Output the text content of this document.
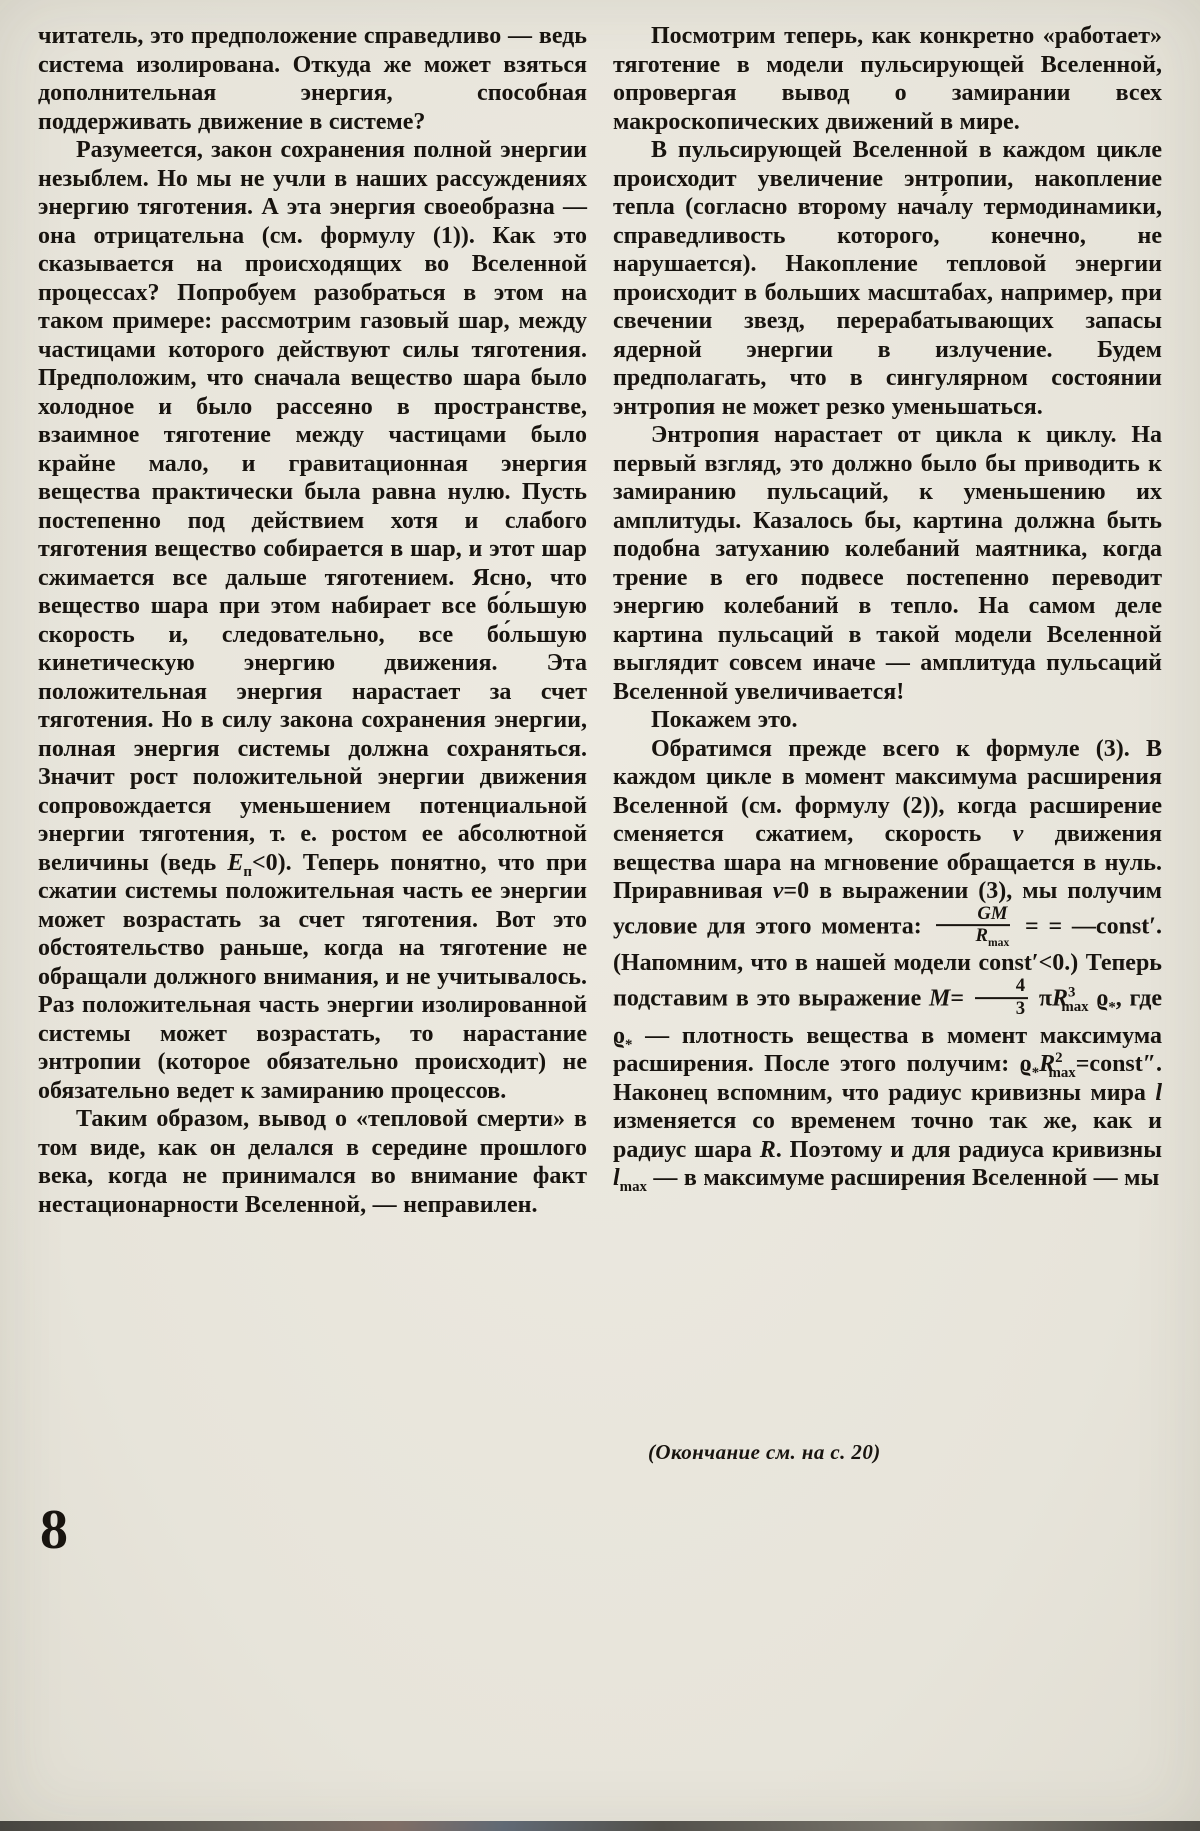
читатель, это предположение справедливо — ведь система изолирована. Откуда же может взяться дополнительная энергия, способная поддерживать движение в системе?

Разумеется, закон сохранения полной энергии незыблем. Но мы не учли в наших рассуждениях энергию тяготения. А эта энергия своеобразна — она отрицательна (см. формулу (1)). Как это сказывается на происходящих во Вселенной процессах? Попробуем разобраться в этом на таком примере: рассмотрим газовый шар, между частицами которого действуют силы тяготения. Предположим, что сначала вещество шара было холодное и было рассеяно в пространстве, взаимное тяготение между частицами было крайне мало, и гравитационная энергия вещества практически была равна нулю. Пусть постепенно под действием хотя и слабого тяготения вещество собирается в шар, и этот шар сжимается все дальше тяготением. Ясно, что вещество шара при этом набирает все бо́льшую скорость и, следовательно, все бо́льшую кинетическую энергию движения. Эта положительная энергия нарастает за счет тяготения. Но в силу закона сохранения энергии, полная энергия системы должна сохраняться. Значит рост положительной энергии движения сопровождается уменьшением потенциальной энергии тяготения, т. е. ростом ее абсолютной величины (ведь $E_п<0$). Теперь понятно, что при сжатии системы положительная часть ее энергии может возрастать за счет тяготения. Вот это обстоятельство раньше, когда на тяготение не обращали должного внимания, и не учитывалось. Раз положительная часть энергии изолированной системы может возрастать, то нарастание энтропии (которое обязательно происходит) не обязательно ведет к замиранию процессов.

Таким образом, вывод о «тепловой смерти» в том виде, как он делался в середине прошлого века, когда не принимался во внимание факт нестационарности Вселенной, — неправилен.

Посмотрим теперь, как конкретно «работает» тяготение в модели пульсирующей Вселенной, опровергая вывод о замирании всех макроскопических движений в мире.

В пульсирующей Вселенной в каждом цикле происходит увеличение энтропии, накопление тепла (согласно второму нача́лу термодинамики, справедливость которого, конечно, не нарушается). Накопление тепловой энергии происходит в больших масштабах, например, при свечении звезд, перерабатывающих запасы ядерной энергии в излучение. Будем предполагать, что в сингулярном состоянии энтропия не может резко уменьшаться.

Энтропия нарастает от цикла к циклу. На первый взгляд, это должно было бы приводить к замиранию пульсаций, к уменьшению их амплитуды. Казалось бы, картина должна быть подобна затуханию колебаний маятника, когда трение в его подвесе постепенно переводит энергию колебаний в тепло. На самом деле картина пульсаций в такой модели Вселенной выглядит совсем иначе — амплитуда пульсаций Вселенной увеличивается!

Покажем это.

Обратимся прежде всего к формуле (3). В каждом цикле в момент максимума расширения Вселенной (см. формулу (2)), когда расширение сменяется сжатием, скорость v движения вещества шара на мгновение обращается в нуль. Приравнивая v=0 в выражении (3), мы получим условие для этого момента: $\frac{GM}{R_{max}}$ = = —const′. (Напомним, что в нашей модели const′<0.) Теперь подставим в это выражение $M= \frac{4}{3} \pi R^3_{max}$ $ϱ_*$, где $ϱ_*$ — плотность вещества в момент максимума расширения. После этого получим: $ϱ_*R^2_{max}=const''$. Наконец вспомним, что радиус кривизны мира l изменяется со временем точно так же, как и радиус шара R. Поэтому и для радиуса кривизны $l_{max}$ — в максимуме расширения Вселенной — мы

(Окончание см. на с. 20)
8
